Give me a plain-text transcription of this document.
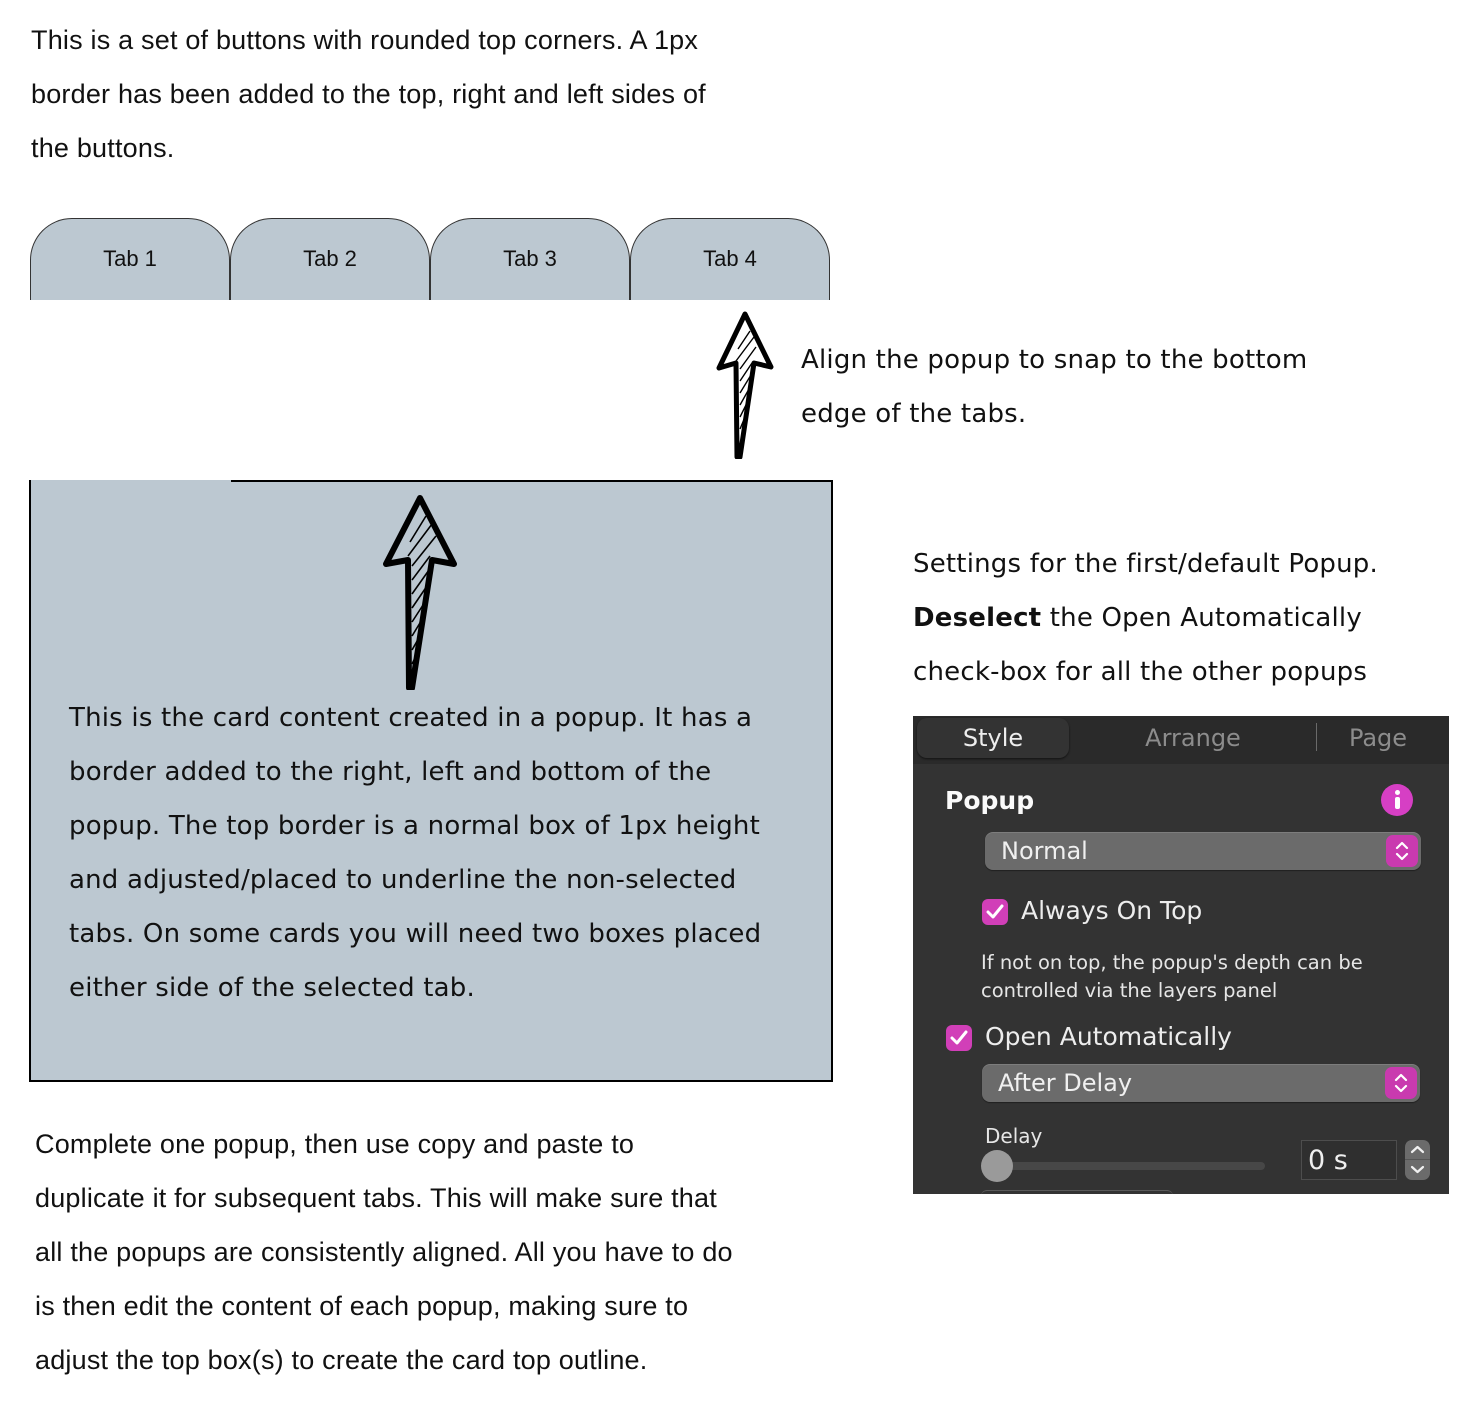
This is a set of buttons with rounded top corners. A 1px
border has been added to the top, right and left sides of
the buttons.
Tab 1	Tab 2	Tab 3	Tab 4
Align the popup to snap to the bottom
edge of the tabs.
This is the card content created in a popup. It has a
border added to the right, left and bottom of the
popup. The top border is a normal box of 1px height
and adjusted/placed to underline the non-selected
tabs. On some cards you will need two boxes placed
either side of the selected tab.
Settings for the first/default Popup.
Deselect the Open Automatically
check-box for all the other popups
Style	Arrange	Page
Popup
Normal
Always On Top
If not on top, the popup's depth can be
controlled via the layers panel
Open Automatically
After Delay
Delay
0 s
Complete one popup, then use copy and paste to
duplicate it for subsequent tabs. This will make sure that
all the popups are consistently aligned. All you have to do
is then edit the content of each popup, making sure to
adjust the top box(s) to create the card top outline.
